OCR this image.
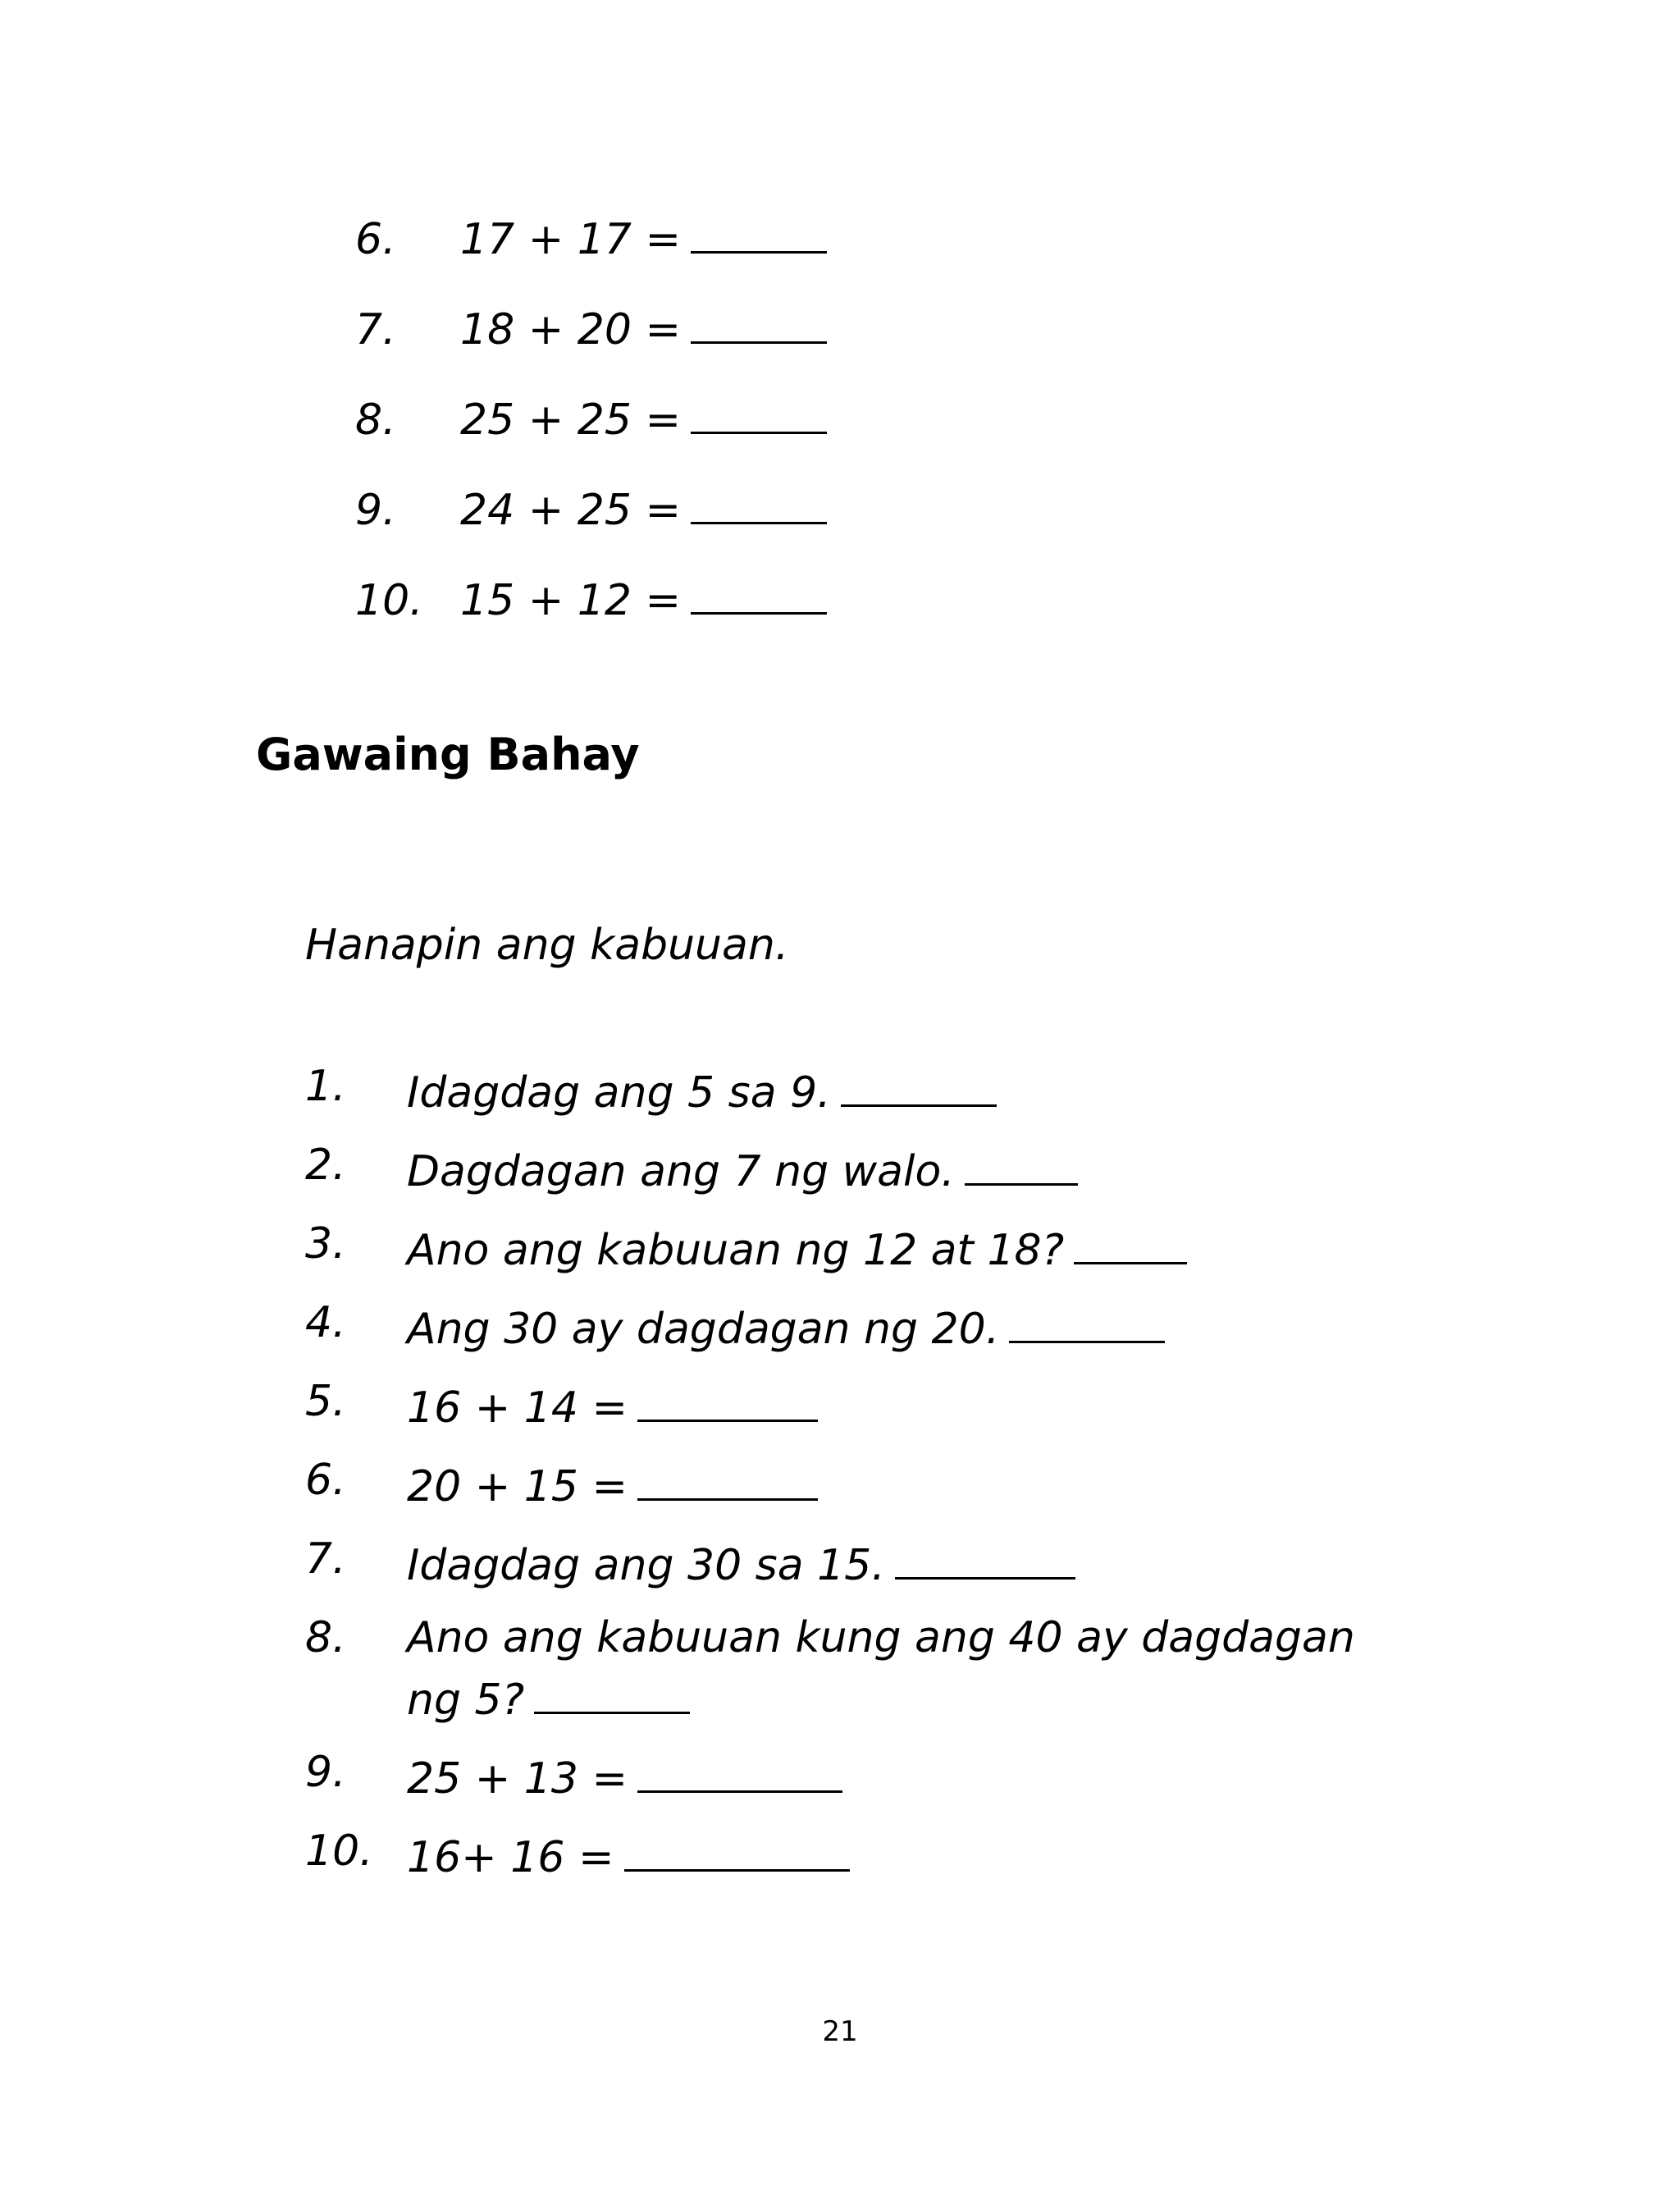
6. 17 + 17 =
7. 18 + 20 =
8. 25 + 25 =
9. 24 + 25 =
10. 15 + 12 =
Gawaing Bahay
Hanapin ang kabuuan.
1.	Idagdag ang 5 sa 9.
2.	Dagdagan ang 7 ng walo.
3.	Ano ang kabuuan ng 12 at 18?
4.	Ang 30 ay dagdagan ng 20.
5.	16 + 14 =
6.	20 + 15 =
7.	Idagdag ang 30 sa 15.
8.	Ano ang kabuuan kung ang 40 ay dagdagan
ng 5?
9.	25 + 13 =
10. 16+ 16 =
21
